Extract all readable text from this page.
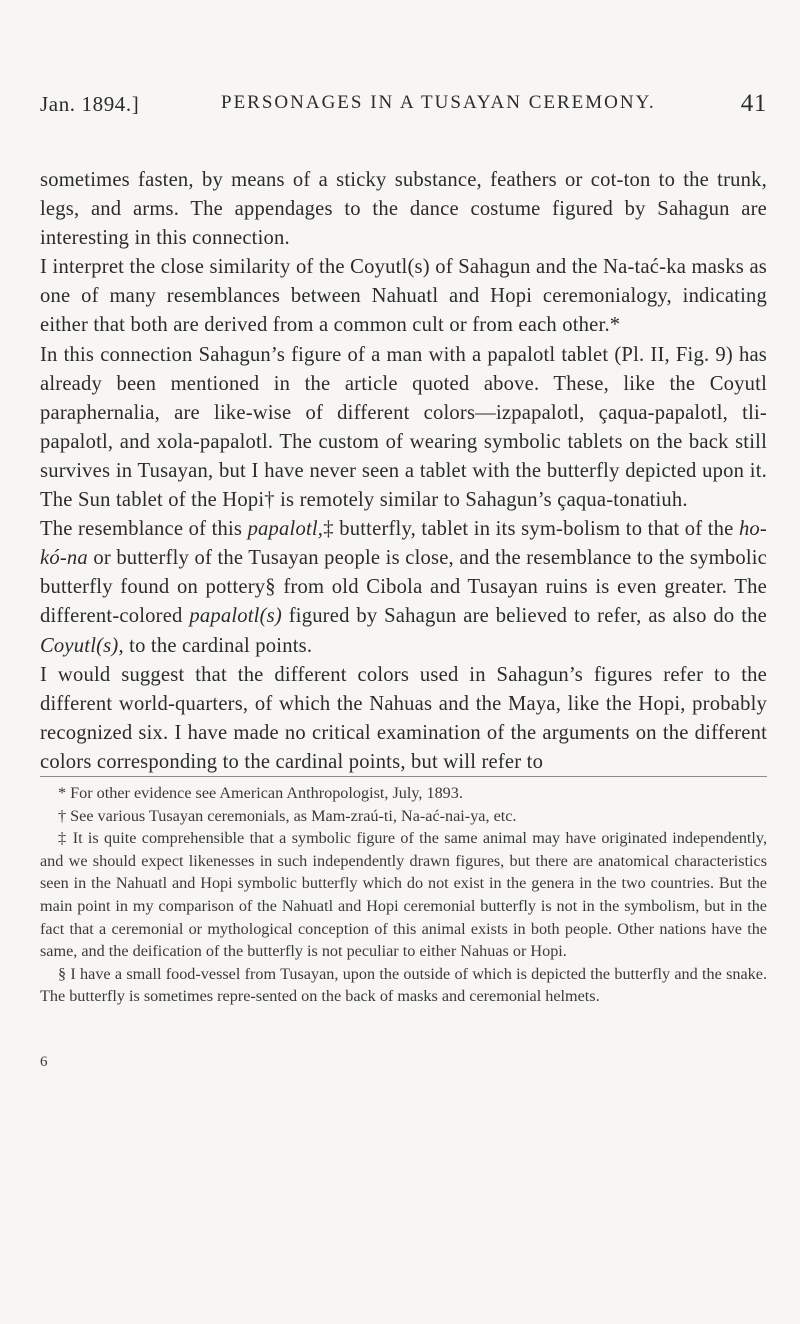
Jan. 1894.]	PERSONAGES IN A TUSAYAN CEREMONY.	41

sometimes fasten, by means of a sticky substance, feathers or cot-ton to the trunk, legs, and arms. The appendages to the dance costume figured by Sahagun are interesting in this connection.

I interpret the close similarity of the Coyutl(s) of Sahagun and the Na-tać-ka masks as one of many resemblances between Nahuatl and Hopi ceremonialogy, indicating either that both are derived from a common cult or from each other.*

In this connection Sahagun’s figure of a man with a papalotl tablet (Pl. II, Fig. 9) has already been mentioned in the article quoted above. These, like the Coyutl paraphernalia, are like-wise of different colors—izpapalotl, çaqua-papalotl, tli-papalotl, and xola-papalotl. The custom of wearing symbolic tablets on the back still survives in Tusayan, but I have never seen a tablet with the butterfly depicted upon it. The Sun tablet of the Hopi† is remotely similar to Sahagun’s çaqua-tonatiuh.

The resemblance of this papalotl,‡ butterfly, tablet in its sym-bolism to that of the ho-kó-na or butterfly of the Tusayan people is close, and the resemblance to the symbolic butterfly found on pottery§ from old Cibola and Tusayan ruins is even greater. The different-colored papalotl(s) figured by Sahagun are believed to refer, as also do the Coyutl(s), to the cardinal points.

I would suggest that the different colors used in Sahagun’s figures refer to the different world-quarters, of which the Nahuas and the Maya, like the Hopi, probably recognized six. I have made no critical examination of the arguments on the different colors corresponding to the cardinal points, but will refer to

* For other evidence see American Anthropologist, July, 1893.

† See various Tusayan ceremonials, as Mam-zraú-ti, Na-ać-nai-ya, etc.

‡ It is quite comprehensible that a symbolic figure of the same animal may have originated independently, and we should expect likenesses in such independently drawn figures, but there are anatomical characteristics seen in the Nahuatl and Hopi symbolic butterfly which do not exist in the genera in the two countries. But the main point in my comparison of the Nahuatl and Hopi ceremonial butterfly is not in the symbolism, but in the fact that a ceremonial or mythological conception of this animal exists in both people. Other nations have the same, and the deification of the butterfly is not peculiar to either Nahuas or Hopi.

§ I have a small food-vessel from Tusayan, upon the outside of which is depicted the butterfly and the snake. The butterfly is sometimes repre-sented on the back of masks and ceremonial helmets.

6
